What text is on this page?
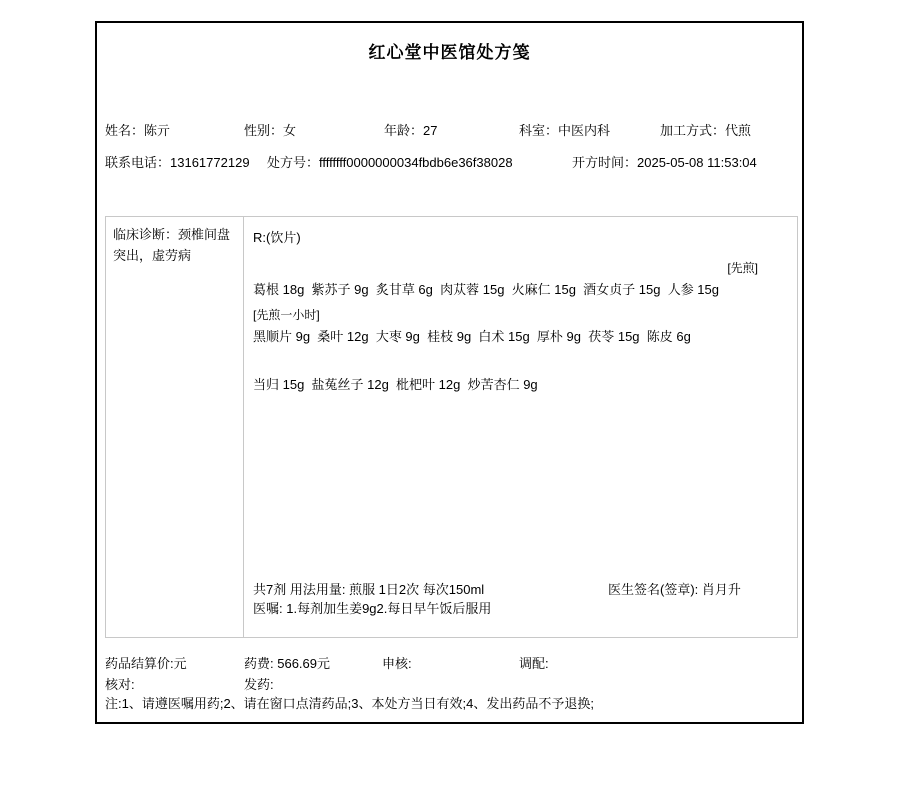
红心堂中医馆处方笺
姓名：陈亓	性别：女	年龄：27	科室：中医内科	加工方式：代煎
联系电话：13161772129 处方号：ffffffff0000000034fbdb6e36f38028	开方时间：2025-05-08 11:53:04
临床诊断：颈椎间盘突出，虚劳病
R:(饮片)
[先煎]
葛根 18g  紫苏子 9g  炙甘草 6g  肉苁蓉 15g  火麻仁 15g  酒女贞子 15g  人参 15g
[先煎一小时]
黑顺片 9g  桑叶 12g  大枣 9g  桂枝 9g  白术 15g  厚朴 9g  茯苓 15g  陈皮 6g
当归 15g  盐菟丝子 12g  枇杷叶 12g  炒苦杏仁 9g
共7剂 用法用量: 煎服 1日2次 每次150ml	医生签名(签章): 肖月升
医嘱: 1.每剂加生姜9g2.每日早午饭后服用
药品结算价:元	药费: 566.69元	申核:	调配:
核对:	发药:
注:1、请遵医嘱用药;2、请在窗口点清药品;3、本处方当日有效;4、发出药品不予退换;
